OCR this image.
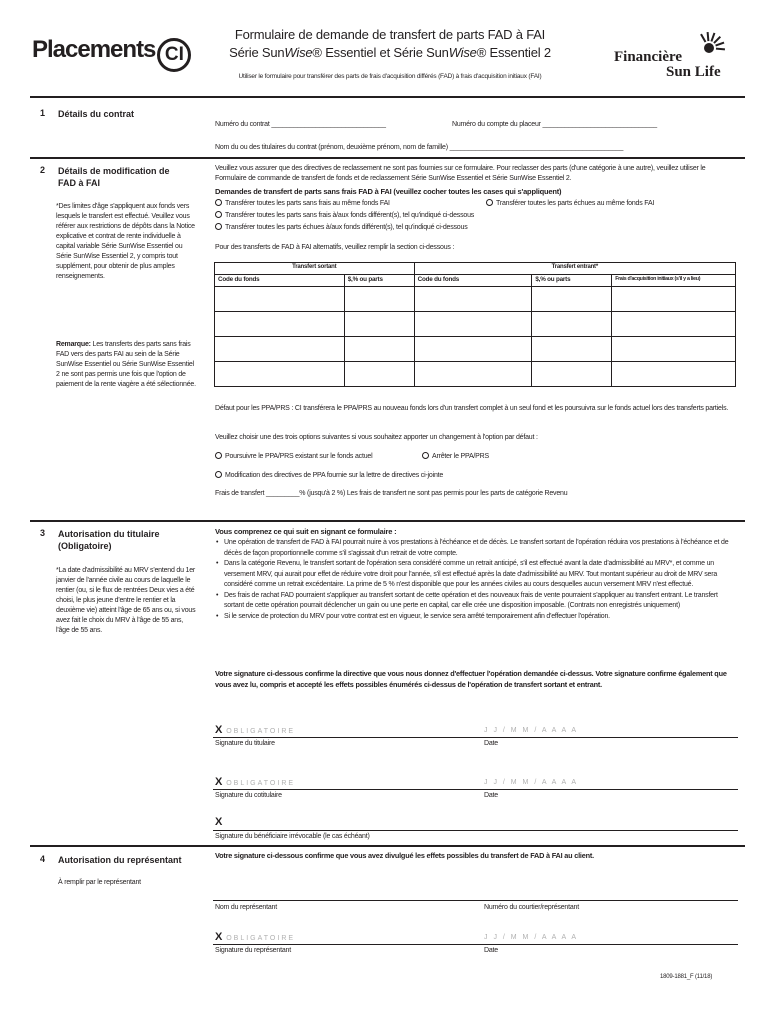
Placements CI
Formulaire de demande de transfert de parts FAD à FAI
Série SunWise® Essentiel et Série SunWise® Essentiel 2
Utiliser le formulaire pour transférer des parts de frais d'acquisition différés (FAD) à frais d'acquisition initiaux (FAI)
Financière
Sun Life
1 Détails du contrat
Numéro du contrat _______________________________	Numéro du compte du placeur _______________________________
Nom du ou des titulaires du contrat (prénom, deuxième prénom, nom de famille) _______________________________________________
2 Détails de modification de
FAD à FAI
*Des limites d'âge s'appliquent aux fonds vers lesquels le transfert est effectué. Veuillez vous référer aux restrictions de dépôts dans la Notice explicative et contrat de rente individuelle à capital variable Série SunWise Essentiel ou Série SunWise Essentiel 2, y compris tout supplément, pour obtenir de plus amples renseignements.
Remarque: Les transferts des parts sans frais FAD vers des parts FAI au sein de la Série SunWise Essentiel ou Série SunWise Essentiel 2 ne sont pas permis une fois que l'option de paiement de la rente viagère a été sélectionnée.
Veuillez vous assurer que des directives de reclassement ne sont pas fournies sur ce formulaire. Pour reclasser des parts (d'une catégorie à une autre), veuillez utiliser le Formulaire de commande de transfert de fonds et de reclassement Série SunWise Essentiel et Série SunWise Essentiel 2.
Demandes de transfert de parts sans frais FAD à FAI (veuillez cocher toutes les cases qui s'appliquent)
Transférer toutes les parts sans frais au même fonds FAI	Transférer toutes les parts échues au même fonds FAI
Transférer toutes les parts sans frais à/aux fonds différent(s), tel qu'indiqué ci-dessous
Transférer toutes les parts échues à/aux fonds différent(s), tel qu'indiqué ci-dessous
Pour des transferts de FAD à FAI alternatifs, veuillez remplir la section ci-dessous :
Transfert sortant		Transfert entrant*		
Code du fonds	$,% ou parts	Code du fonds	$,% ou parts	Frais d'acquisition initiaux (s'il y a lieu)

Défaut pour les PPA/PRS : CI transférera le PPA/PRS au nouveau fonds lors d'un transfert complet à un seul fond et les poursuivra sur le fonds actuel lors des transferts partiels.
Veuillez choisir une des trois options suivantes si vous souhaitez apporter un changement à l'option par défaut :
Poursuivre le PPA/PRS existant sur le fonds actuel	Arrêter le PPA/PRS
Modification des directives de PPA fournie sur la lettre de directives ci-jointe
Frais de transfert _________% (jusqu'à 2 %) Les frais de transfert ne sont pas permis pour les parts de catégorie Revenu
3 Autorisation du titulaire
(Obligatoire)
*La date d'admissibilité au MRV s'entend du 1er janvier de l'année civile au cours de laquelle le rentier (ou, si le flux de rentrées Deux vies a été choisi, le plus jeune d'entre le rentier et la deuxième vie) atteint l'âge de 65 ans ou, si vous avez fait le choix du MRV à l'âge de 55 ans, l'âge de 55 ans.
Vous comprenez ce qui suit en signant ce formulaire :
• Une opération de transfert de FAD à FAI pourrait nuire à vos prestations à l'échéance et de décès. Le transfert sortant de l'opération réduira vos prestations à l'échéance et de décès de façon proportionnelle comme s'il s'agissait d'un retrait de votre compte.
• Dans la catégorie Revenu, le transfert sortant de l'opération sera considéré comme un retrait anticipé, s'il est effectué avant la date d'admissibilité au MRV*, et comme un versement MRV, qui aurait pour effet de réduire votre droit pour l'année, s'il est effectué après la date d'admissibilité au MRV. Tout montant supérieur au droit de MRV sera considéré comme un retrait excédentaire. La prime de 5 % n'est disponible que pour les années civiles au cours desquelles aucun versement MRV n'est effectué.
• Des frais de rachat FAD pourraient s'appliquer au transfert sortant de cette opération et des nouveaux frais de vente pourraient s'appliquer au transfert entrant. Le transfert sortant de cette opération pourrait déclencher un gain ou une perte en capital, car elle crée une disposition imposable. (Contrats non enregistrés uniquement)
• Si le service de protection du MRV pour votre contrat est en vigueur, le service sera arrêté temporairement afin d'effectuer l'opération.
Votre signature ci-dessous confirme la directive que vous nous donnez d'effectuer l'opération demandée ci-dessus. Votre signature confirme également que vous avez lu, compris et accepté les effets possibles énumérés ci-dessus de l'opération de transfert sortant et entrant.
X OBLIGATOIRE	J J / M M / A A A A
Signature du titulaire	Date
X OBLIGATOIRE	J J / M M / A A A A
Signature du cotitulaire	Date
X
Signature du bénéficiaire irrévocable (le cas échéant)
4 Autorisation du représentant
À remplir par le représentant
Votre signature ci-dessous confirme que vous avez divulgué les effets possibles du transfert de FAD à FAI au client.
Nom du représentant	Numéro du courtier/représentant
X OBLIGATOIRE	J J / M M / A A A A
Signature du représentant	Date
1809-1881_F (11/18)
